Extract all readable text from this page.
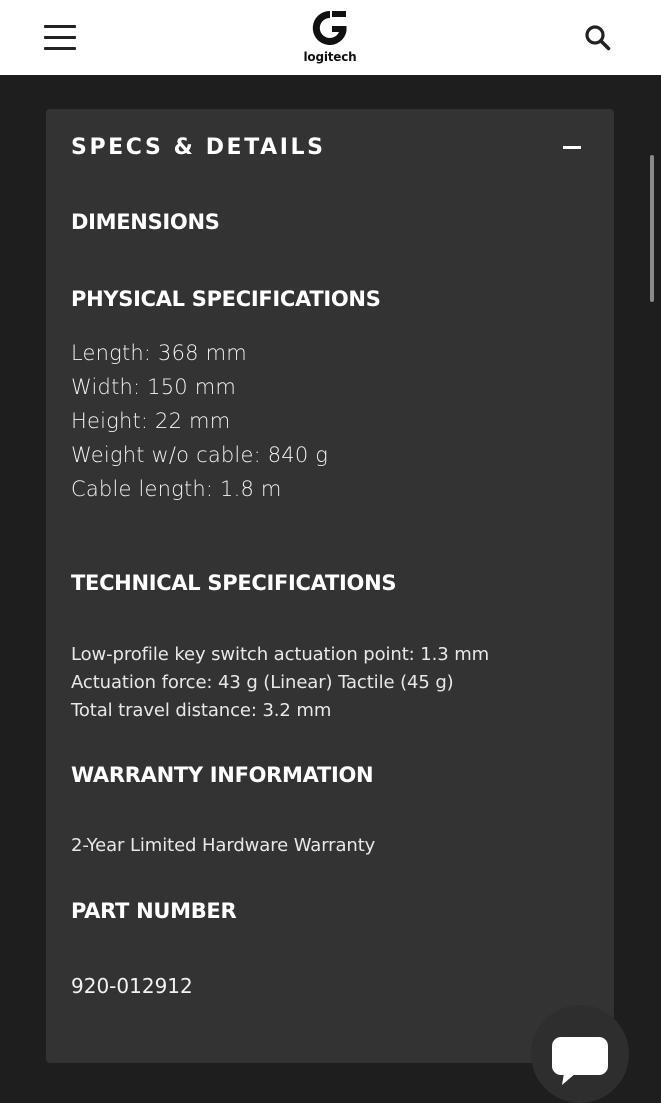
logitech
SPECS & DETAILS
DIMENSIONS
PHYSICAL SPECIFICATIONS
Length: 368 mm
Width: 150 mm
Height: 22 mm
Weight w/o cable: 840 g
Cable length: 1.8 m
TECHNICAL SPECIFICATIONS
Low-profile key switch actuation point: 1.3 mm
Actuation force: 43 g (Linear) Tactile (45 g)
Total travel distance: 3.2 mm
WARRANTY INFORMATION
2-Year Limited Hardware Warranty
PART NUMBER
920-012912
